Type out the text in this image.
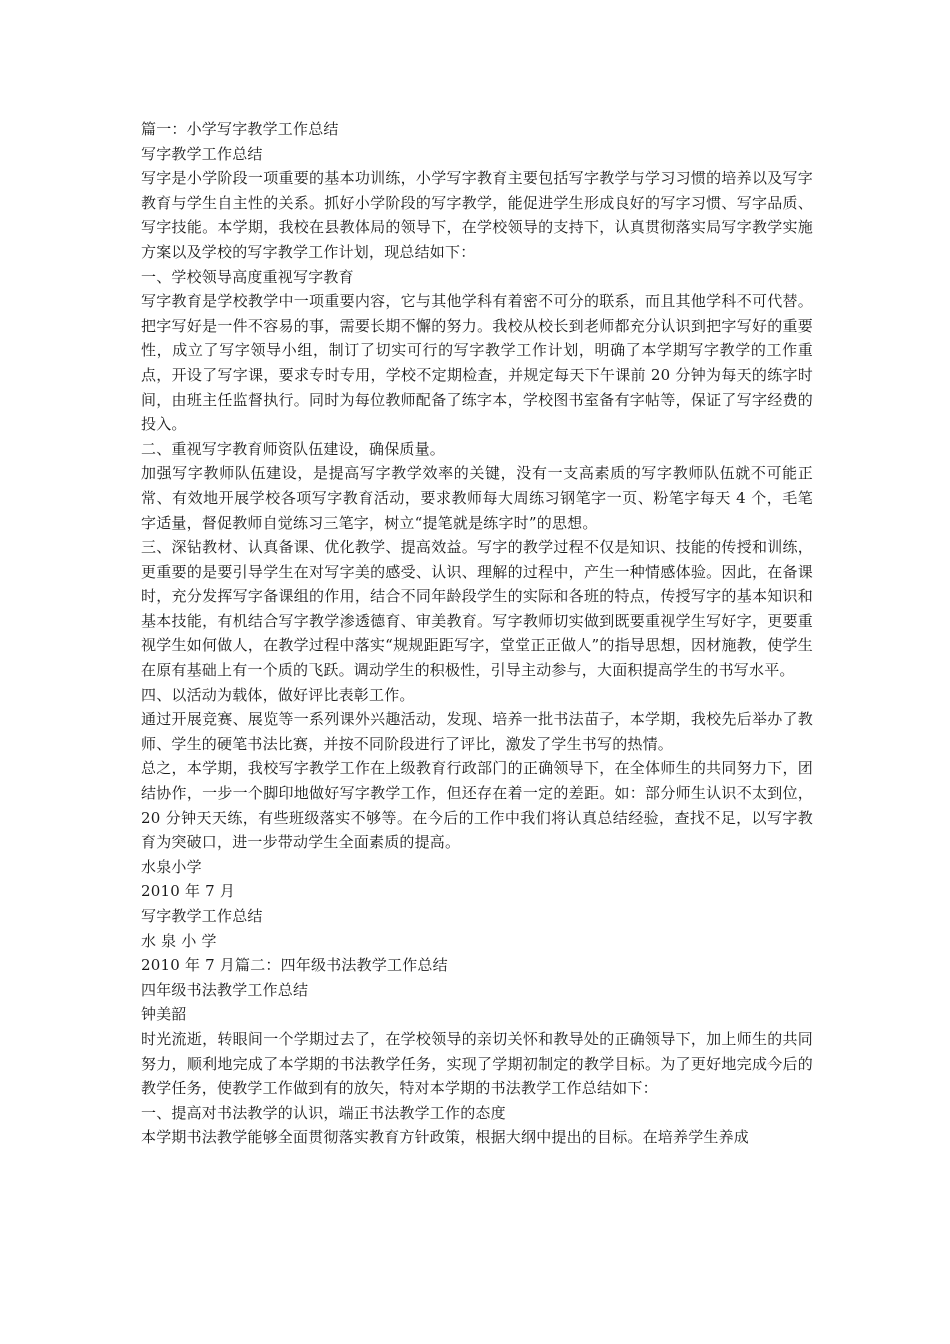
篇一：小学写字教学工作总结

写字教学工作总结

写字是小学阶段一项重要的基本功训练，小学写字教育主要包括写字教学与学习习惯的培养以及写字教育与学生自主性的关系。抓好小学阶段的写字教学，能促进学生形成良好的写字习惯、写字品质、写字技能。本学期，我校在县教体局的领导下，在学校领导的支持下，认真贯彻落实局写字教学实施方案以及学校的写字教学工作计划，现总结如下：

一、学校领导高度重视写字教育

写字教育是学校教学中一项重要内容，它与其他学科有着密不可分的联系，而且其他学科不可代替。把字写好是一件不容易的事，需要长期不懈的努力。我校从校长到老师都充分认识到把字写好的重要性，成立了写字领导小组，制订了切实可行的写字教学工作计划，明确了本学期写字教学的工作重点，开设了写字课，要求专时专用，学校不定期检查，并规定每天下午课前 20 分钟为每天的练字时间，由班主任监督执行。同时为每位教师配备了练字本，学校图书室备有字帖等，保证了写字经费的投入。

二、重视写字教育师资队伍建设，确保质量。

加强写字教师队伍建设，是提高写字教学效率的关键，没有一支高素质的写字教师队伍就不可能正常、有效地开展学校各项写字教育活动，要求教师每大周练习钢笔字一页、粉笔字每天 4 个，毛笔字适量，督促教师自觉练习三笔字，树立“提笔就是练字时”的思想。

三、深钻教材、认真备课、优化教学、提高效益。写字的教学过程不仅是知识、技能的传授和训练，更重要的是要引导学生在对写字美的感受、认识、理解的过程中，产生一种情感体验。因此，在备课时，充分发挥写字备课组的作用，结合不同年龄段学生的实际和各班的特点，传授写字的基本知识和基本技能，有机结合写字教学渗透德育、审美教育。写字教师切实做到既要重视学生写好字，更要重视学生如何做人，在教学过程中落实“规规距距写字，堂堂正正做人”的指导思想，因材施教，使学生在原有基础上有一个质的飞跃。调动学生的积极性，引导主动参与，大面积提高学生的书写水平。

四、以活动为载体，做好评比表彰工作。

通过开展竞赛、展览等一系列课外兴趣活动，发现、培养一批书法苗子，本学期，我校先后举办了教师、学生的硬笔书法比赛，并按不同阶段进行了评比，激发了学生书写的热情。

总之，本学期，我校写字教学工作在上级教育行政部门的正确领导下，在全体师生的共同努力下，团结协作，一步一个脚印地做好写字教学工作，但还存在着一定的差距。如：部分师生认识不太到位，20 分钟天天练，有些班级落实不够等。在今后的工作中我们将认真总结经验，查找不足，以写字教育为突破口，进一步带动学生全面素质的提高。

水泉小学

2010 年 7 月

写字教学工作总结

水 泉 小 学

2010 年 7 月篇二：四年级书法教学工作总结

四年级书法教学工作总结

钟美韶

时光流逝，转眼间一个学期过去了，在学校领导的亲切关怀和教导处的正确领导下，加上师生的共同努力，顺利地完成了本学期的书法教学任务，实现了学期初制定的教学目标。为了更好地完成今后的教学任务，使教学工作做到有的放矢，特对本学期的书法教学工作总结如下：

一、提高对书法教学的认识，端正书法教学工作的态度

本学期书法教学能够全面贯彻落实教育方针政策，根据大纲中提出的目标。在培养学生养成
